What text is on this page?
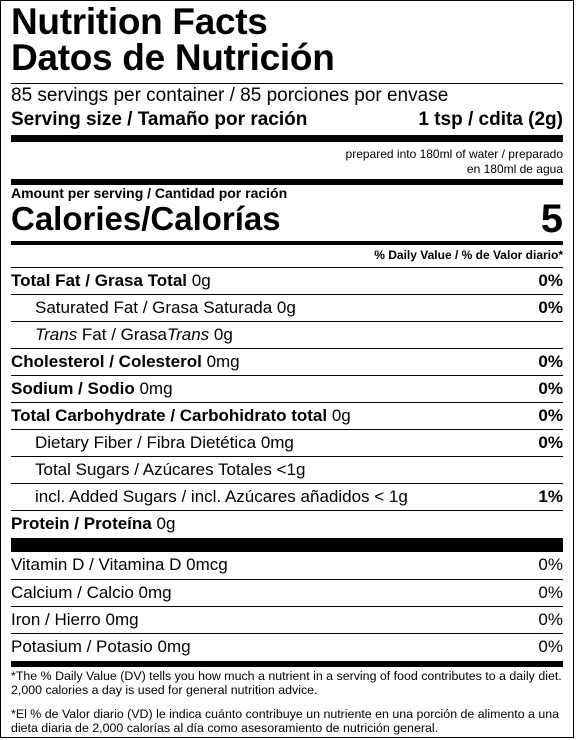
Nutrition Facts
Datos de Nutrición
85 servings per container / 85 porciones por envase
Serving size / Tamaño por ración	1 tsp / cdita (2g)
prepared into 180ml of water / preparado
en 180ml de agua
Amount per serving / Cantidad por ración
Calories/Calorías	5
% Daily Value / % de Valor diario*
Total Fat / Grasa Total 0g	0%
Saturated Fat / Grasa Saturada 0g	0%
Trans Fat / GrasaTrans 0g
Cholesterol / Colesterol 0mg	0%
Sodium / Sodio 0mg	0%
Total Carbohydrate / Carbohidrato total 0g	0%
Dietary Fiber / Fibra Dietética 0mg	0%
Total Sugars / Azúcares Totales <1g
incl. Added Sugars / incl. Azúcares añadidos < 1g	1%
Protein / Proteína 0g
Vitamin D / Vitamina D 0mcg	0%
Calcium / Calcio 0mg	0%
Iron / Hierro 0mg	0%
Potasium / Potasio 0mg	0%
*The % Daily Value (DV) tells you how much a nutrient in a serving of food contributes to a daily diet. 2,000 calories a day is used for general nutrition advice.
*El % de Valor diario (VD) le indica cuánto contribuye un nutriente en una porción de alimento a una dieta diaria de 2,000 calorías al día como asesoramiento de nutrición general.
